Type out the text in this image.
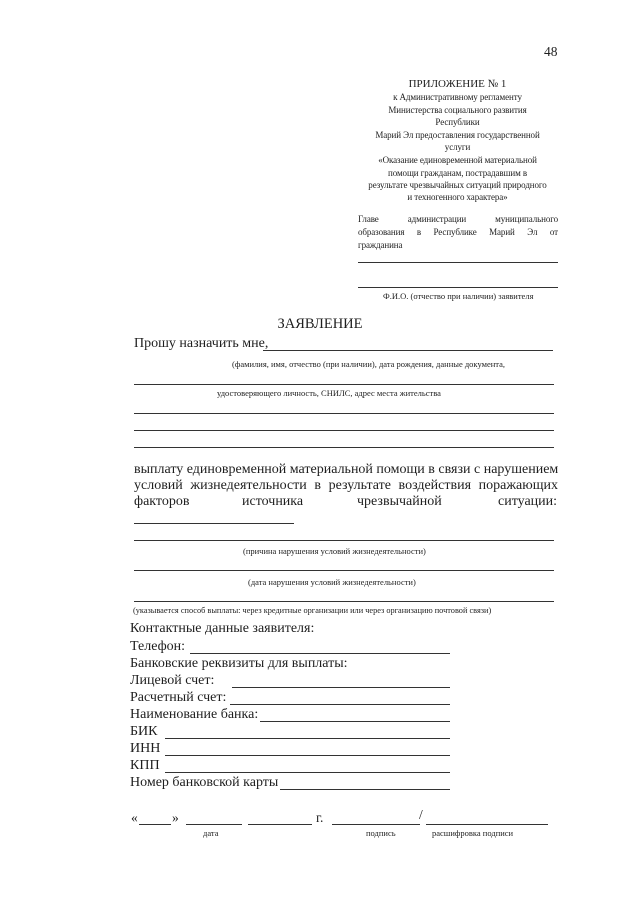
48
ПРИЛОЖЕНИЕ № 1
к Административному регламенту
Министерства социального развития
Республики
Марий Эл предоставления государственной
услуги
«Оказание единовременной материальной
помощи гражданам, пострадавшим в
результате чрезвычайных ситуаций природного
и техногенного характера»
Главе администрации муниципального
образования в Республике Марий Эл от
гражданина
Ф.И.О. (отчество при наличии) заявителя
ЗАЯВЛЕНИЕ
Прошу назначить мне,
(фамилия, имя, отчество (при наличии), дата рождения, данные документа,
удостоверяющего личность, СНИЛС, адрес места жительства
выплату единовременной материальной помощи в связи с нарушением
условий жизнедеятельности в результате воздействия поражающих
факторов	источника	чрезвычайной	ситуации:
(причина нарушения условий жизнедеятельности)
(дата нарушения условий жизнедеятельности)
(указывается способ выплаты: через кредитные организации или через организацию почтовой связи)
Контактные данные заявителя:
Телефон:
Банковские реквизиты для выплаты:
Лицевой счет:
Расчетный счет:
Наименование банка:
БИК
ИНН
КПП
Номер банковской карты
«	»	г.	/
дата	подпись	расшифровка подписи
